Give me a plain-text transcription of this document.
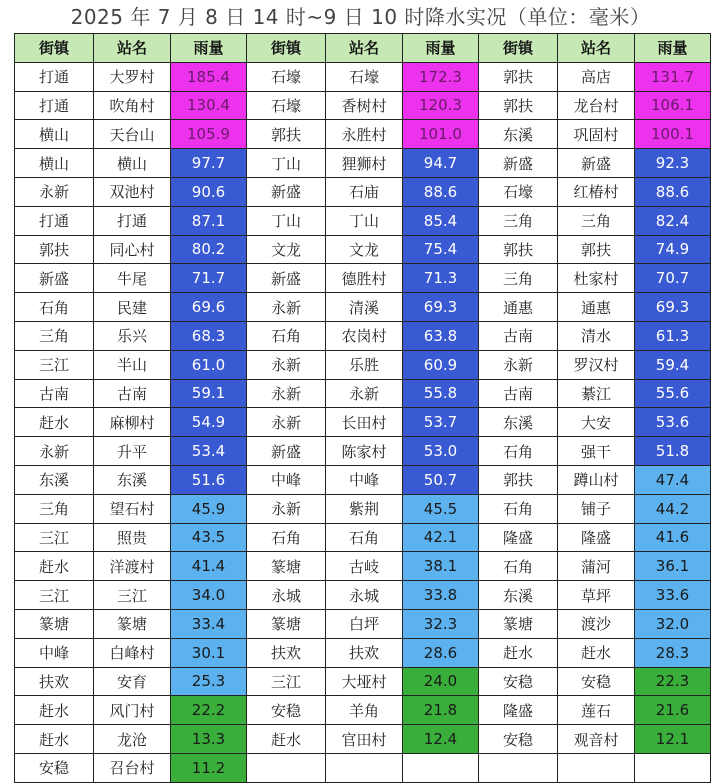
2025 年 7 月 8 日 14 时~9 日 10 时降水实况（单位：毫米）
街镇	站名	雨量	街镇	站名	雨量	街镇	站名	雨量
打通	大罗村	185.4	石壕	石壕	172.3	郭扶	高店	131.7
打通	吹角村	130.4	石壕	香树村	120.3	郭扶	龙台村	106.1
横山	天台山	105.9	郭扶	永胜村	101.0	东溪	巩固村	100.1
横山	横山	97.7	丁山	狸狮村	94.7	新盛	新盛	92.3
永新	双池村	90.6	新盛	石庙	88.6	石壕	红椿村	88.6
打通	打通	87.1	丁山	丁山	85.4	三角	三角	82.4
郭扶	同心村	80.2	文龙	文龙	75.4	郭扶	郭扶	74.9
新盛	牛尾	71.7	新盛	德胜村	71.3	三角	杜家村	70.7
石角	民建	69.6	永新	清溪	69.3	通惠	通惠	69.3
三角	乐兴	68.3	石角	农岗村	63.8	古南	清水	61.3
三江	半山	61.0	永新	乐胜	60.9	永新	罗汉村	59.4
古南	古南	59.1	永新	永新	55.8	古南	綦江	55.6
赶水	麻柳村	54.9	永新	长田村	53.7	东溪	大安	53.6
永新	升平	53.4	新盛	陈家村	53.0	石角	强干	51.8
东溪	东溪	51.6	中峰	中峰	50.7	郭扶	蹲山村	47.4
三角	望石村	45.9	永新	紫荆	45.5	石角	铺子	44.2
三江	照贵	43.5	石角	石角	42.1	隆盛	隆盛	41.6
赶水	洋渡村	41.4	篆塘	古岐	38.1	石角	蒲河	36.1
三江	三江	34.0	永城	永城	33.8	东溪	草坪	33.6
篆塘	篆塘	33.4	篆塘	白坪	32.3	篆塘	渡沙	32.0
中峰	白峰村	30.1	扶欢	扶欢	28.6	赶水	赶水	28.3
扶欢	安育	25.3	三江	大垭村	24.0	安稳	安稳	22.3
赶水	风门村	22.2	安稳	羊角	21.8	隆盛	莲石	21.6
赶水	龙沧	13.3	赶水	官田村	12.4	安稳	观音村	12.1
安稳	召台村	11.2						
